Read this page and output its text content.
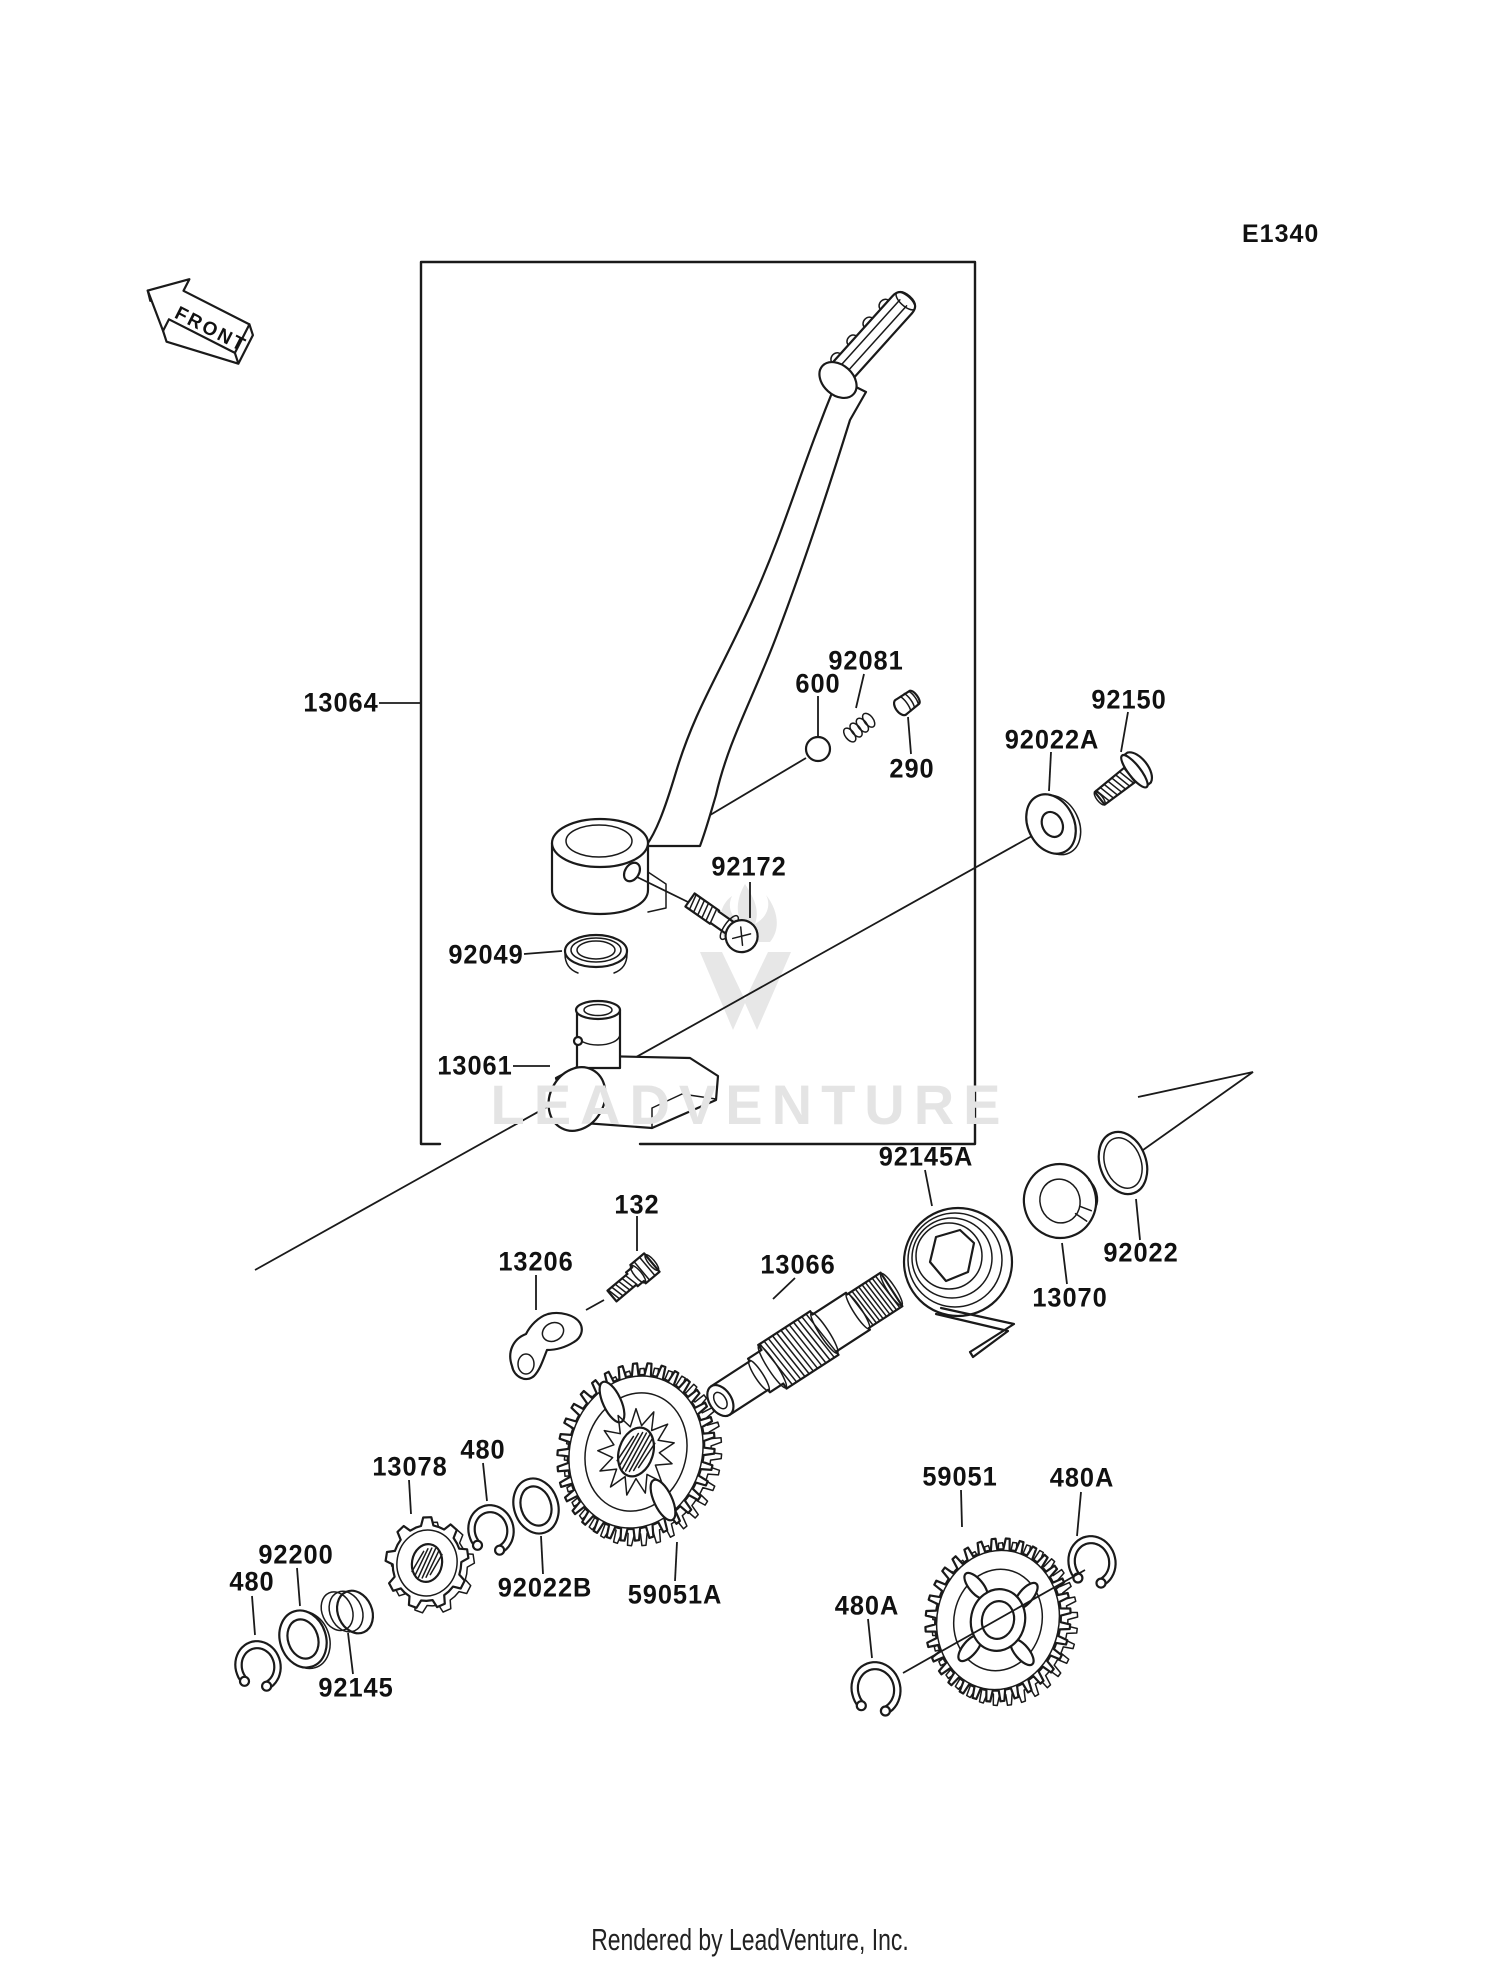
FRONT
E1340
LEADVENTURE
Rendered by LeadVenture, Inc.
13064
600
92081
290
92150
92022A
92172
92049
13061
92145A
92022
13070
132
13206	13066
13078
480
92200
480
92145
92022B 59051A
59051 480A
480A
